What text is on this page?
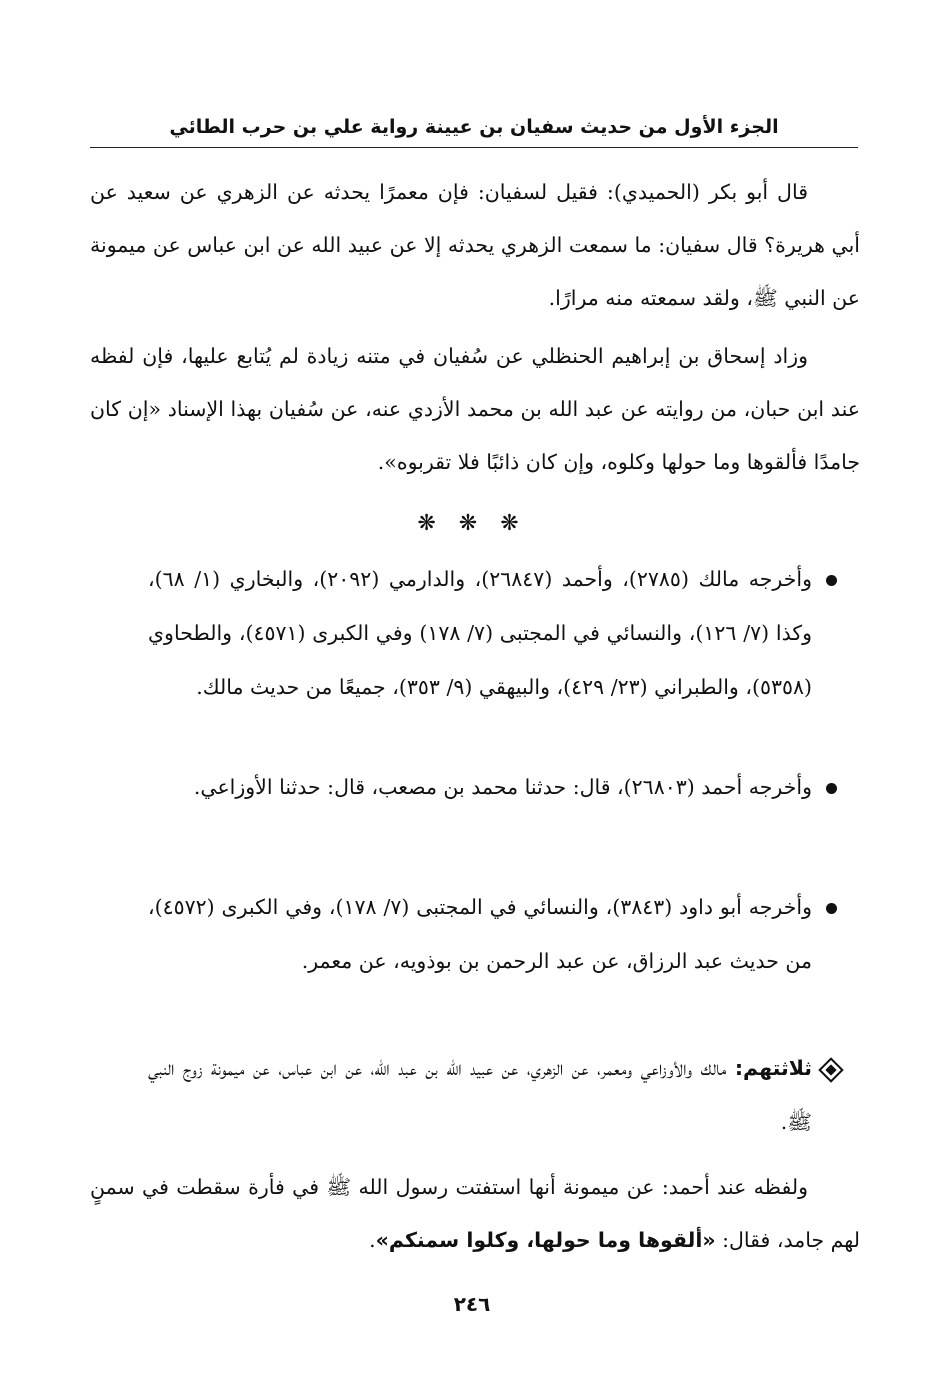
الجزء الأول من حديث سفيان بن عيينة رواية علي بن حرب الطائي
قال أبو بكر (الحميدي): فقيل لسفيان: فإن معمرًا يحدثه عن الزهري عن سعيد عن أبي هريرة؟ قال سفيان: ما سمعت الزهري يحدثه إلا عن عبيد الله عن ابن عباس عن ميمونة عن النبي ﷺ، ولقد سمعته منه مرارًا.
وزاد إسحاق بن إبراهيم الحنظلي عن سُفيان في متنه زيادة لم يُتابع عليها، فإن لفظه عند ابن حبان، من روايته عن عبد الله بن محمد الأزدي عنه، عن سُفيان بهذا الإسناد «إن كان جامدًا فألقوها وما حولها وكلوه، وإن كان ذائبًا فلا تقربوه».
❋ ❋ ❋
وأخرجه مالك (٢٧٨٥)، وأحمد (٢٦٨٤٧)، والدارمي (٢٠٩٢)، والبخاري (١/ ٦٨)، وكذا (٧/ ١٢٦)، والنسائي في المجتبى (٧/ ١٧٨) وفي الكبرى (٤٥٧١)، والطحاوي (٥٣٥٨)، والطبراني (٢٣/ ٤٢٩)، والبيهقي (٩/ ٣٥٣)، جميعًا من حديث مالك.
وأخرجه أحمد (٢٦٨٠٣)، قال: حدثنا محمد بن مصعب، قال: حدثنا الأوزاعي.
وأخرجه أبو داود (٣٨٤٣)، والنسائي في المجتبى (٧/ ١٧٨)، وفي الكبرى (٤٥٧٢)، من حديث عبد الرزاق، عن عبد الرحمن بن بوذويه، عن معمر.
ثلاثتهم: مالك والأوزاعي ومعمر، عن الزهري، عن عبيد الله بن عبد الله، عن ابن عباس، عن ميمونة زوج النبي ﷺ.
ولفظه عند أحمد: عن ميمونة أنها استفتت رسول الله ﷺ في فأرة سقطت في سمنٍ لهم جامد، فقال: «ألقوها وما حولها، وكلوا سمنكم».
٢٤٦
